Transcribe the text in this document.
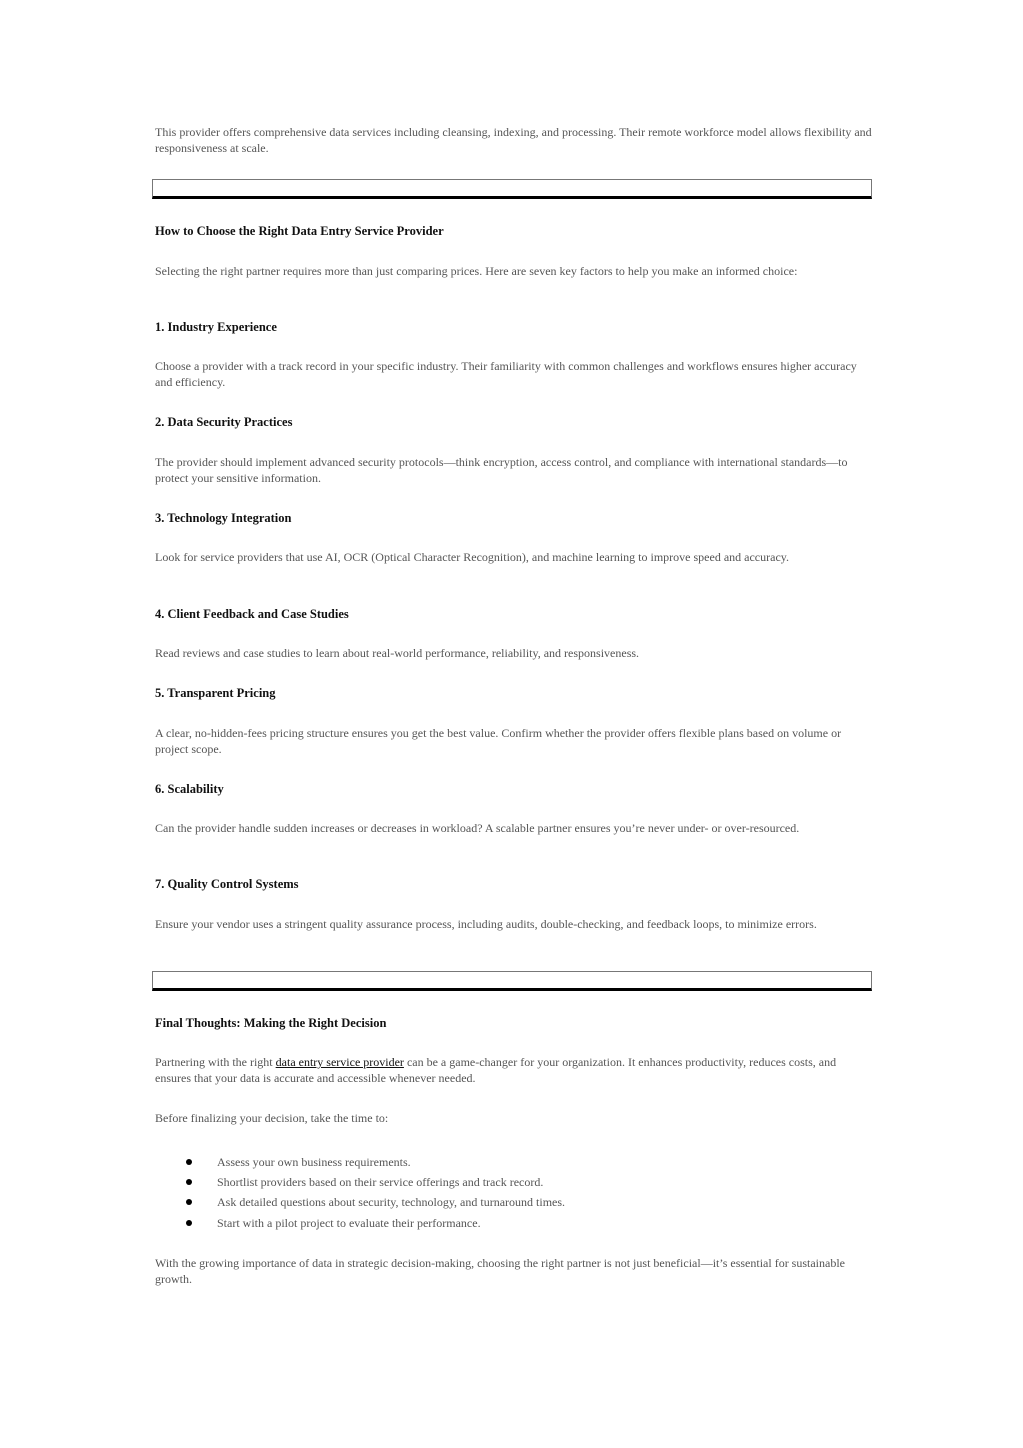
This provider offers comprehensive data services including cleansing, indexing, and processing. Their remote workforce model allows flexibility and responsiveness at scale.

How to Choose the Right Data Entry Service Provider

Selecting the right partner requires more than just comparing prices. Here are seven key factors to help you make an informed choice:

1. Industry Experience

Choose a provider with a track record in your specific industry. Their familiarity with common challenges and workflows ensures higher accuracy and efficiency.

2. Data Security Practices

The provider should implement advanced security protocols—think encryption, access control, and compliance with international standards—to protect your sensitive information.

3. Technology Integration

Look for service providers that use AI, OCR (Optical Character Recognition), and machine learning to improve speed and accuracy.

4. Client Feedback and Case Studies

Read reviews and case studies to learn about real-world performance, reliability, and responsiveness.

5. Transparent Pricing

A clear, no-hidden-fees pricing structure ensures you get the best value. Confirm whether the provider offers flexible plans based on volume or project scope.

6. Scalability

Can the provider handle sudden increases or decreases in workload? A scalable partner ensures you’re never under- or over-resourced.

7. Quality Control Systems

Ensure your vendor uses a stringent quality assurance process, including audits, double-checking, and feedback loops, to minimize errors.

Final Thoughts: Making the Right Decision

Partnering with the right data entry service provider can be a game-changer for your organization. It enhances productivity, reduces costs, and ensures that your data is accurate and accessible whenever needed.

Before finalizing your decision, take the time to:

Assess your own business requirements.
Shortlist providers based on their service offerings and track record.
Ask detailed questions about security, technology, and turnaround times.
Start with a pilot project to evaluate their performance.

With the growing importance of data in strategic decision-making, choosing the right partner is not just beneficial—it’s essential for sustainable growth.
